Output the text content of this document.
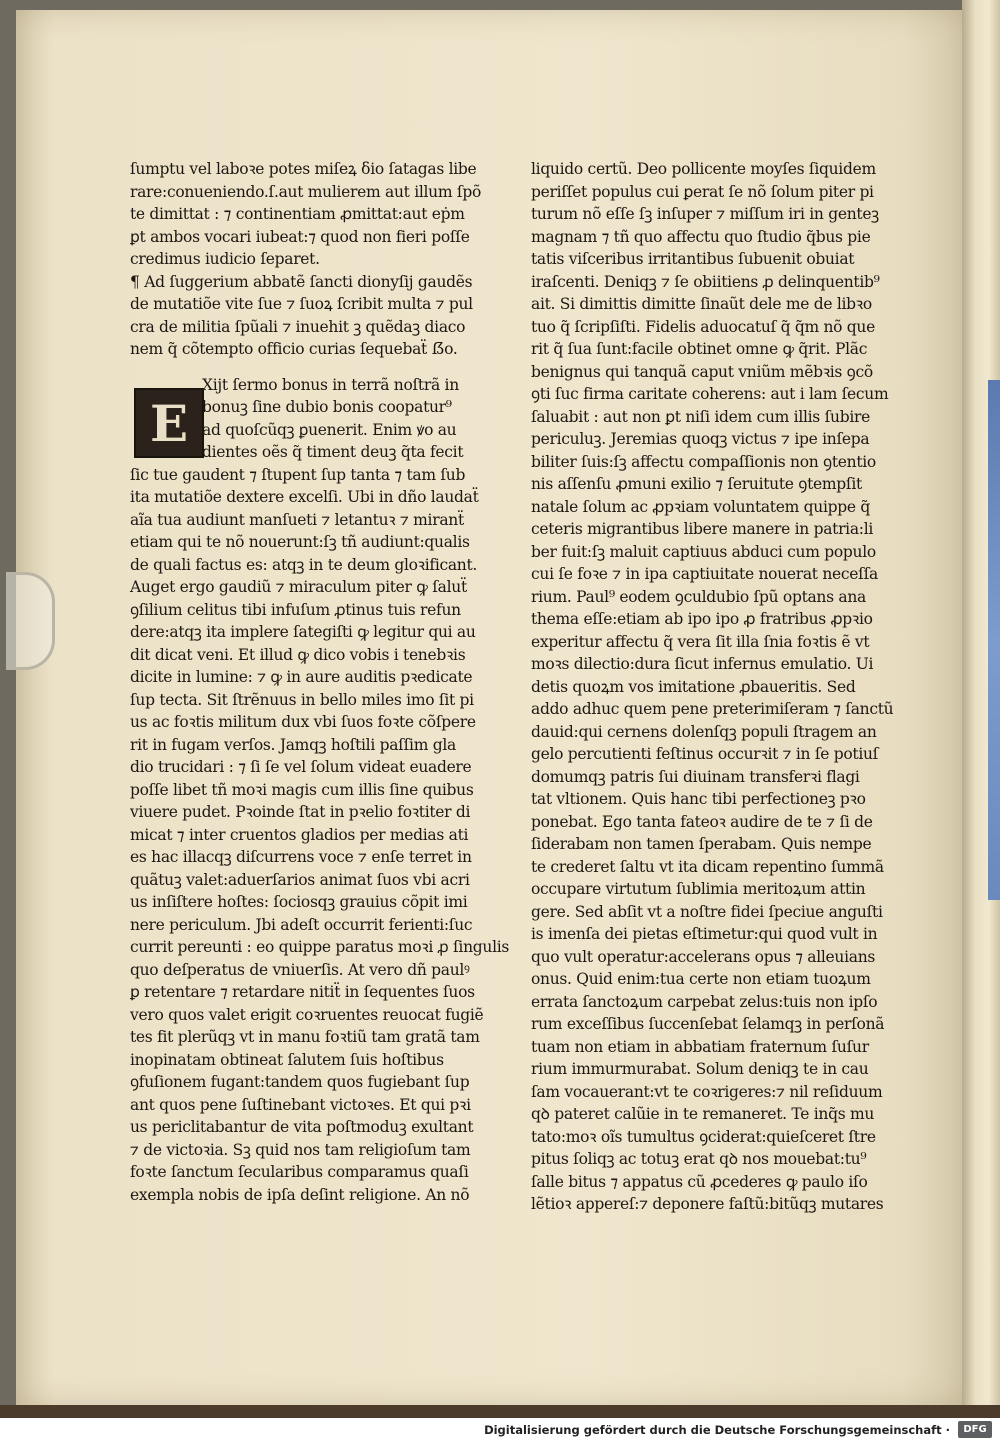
E
ſumptu vel laboꝛe potes miſeꝝ ẟio ſatagas libe
rare:conueniendo.ſ.aut mulierem aut illum ſpõ
te dimittat : ⁊ continentiam ꝓmittat:aut eṗm
ꝑt ambos vocari iubeat:⁊ quod non fieri poſſe
credimus iudicio ſeparet.
¶ Ad ſuggerium abbatẽ ſancti dionyſij gaudẽs
de mutatiõe vite ſue ⁊ ſuoꝝ ſcribit multa ⁊ pul
cra de militia ſpũali ⁊ inuehit ꝫ quẽdaꝫ diaco
nem q̃ cõtempto officio curias ſequebaẗ ẞo.
Xijt ſermo bonus in terrã noſtrã in
bonuꝫ ſine dubio bonis coopatur⁹
ad quoſcũqꝫ ꝑuenerit. Enim ꝟo au
dientes oẽs q̃ timent deuꝫ q̃ta fecit
ſic tue gaudent ⁊ ſtupent ſup tanta ⁊ tam ſub
ita mutatiõe dextere excelſi. Ubi in dño laudaẗ
aĩa tua audiunt manſueti ⁊ letantuꝛ ⁊ miranẗ
etiam qui te nõ nouerunt:ſꝫ tñ audiunt:qualis
de quali factus es: atqꝫ in te deum gloꝛificant.
Auget ergo gaudiũ ⁊ miraculum piter ꝙ ſaluẗ
ꝯſilium celitus tibi infuſum ꝓtinus tuis refun
dere:atqꝫ ita implere ſategiſti ꝙ legitur qui au
dit dicat veni. Et illud ꝙ dico vobis i tenebꝛis
dicite in lumine: ⁊ ꝙ in aure auditis pꝛedicate
ſup tecta. Sit ſtrẽnuus in bello miles imo ſit pi
us ac foꝛtis militum dux vbi ſuos foꝛte cõſpere
rit in fugam verſos. Jamqꝫ hoſtili paſſim gla
dio trucidari : ⁊ ſi ſe vel ſolum videat euadere
poſſe libet tñ moꝛi magis cum illis ſine quibus
viuere pudet. Pꝛoinde ſtat in pꝛelio foꝛtiter di
micat ⁊ inter cruentos gladios per medias ati
es hac illacqꝫ diſcurrens voce ⁊ enſe terret in
quãtuꝫ valet:aduerſarios animat ſuos vbi acri
us inſiſtere hoſtes: ſociosqꝫ grauius cõpit imi
nere periculum. Jbi adeſt occurrit ferienti:ſuc
currit pereunti : eo quippe paratus moꝛi ꝓ ſingulis
quo deſperatus de vniuerſis. At vero dñ paulꝰ
ꝑ retentare ⁊ retardare nitiẗ in ſequentes ſuos
vero quos valet erigit coꝛruentes reuocat fugiẽ
tes fit plerũqꝫ vt in manu foꝛtiũ tam gratã tam
inopinatam obtineat ſalutem ſuis hoſtibus
ꝯfuſionem fugant:tandem quos fugiebant ſup
ant quos pene ſuſtinebant victoꝛes. Et qui pꝛi
us periclitabantur de vita poſtmoduꝫ exultant
⁊ de victoꝛia. Sꝫ quid nos tam religioſum tam
foꝛte ſanctum ſecularibus comparamus quaſi
exempla nobis de ipſa deſint religione. An nõ
liquido certũ. Deo pollicente moyſes ſiquidem
periſſet populus cui ꝑerat ſe nõ ſolum piter pi
turum nõ eſſe ſꝫ inſuper ⁊ miſſum iri in genteꝫ
magnam ⁊ tñ quo affectu quo ſtudio q̃bus pie
tatis viſceribus irritantibus ſubuenit obuiat
iraſcenti. Deniqꝫ ⁊ ſe obiitiens ꝓ delinquentib⁹
ait. Si dimittis dimitte ſinaũt dele me de libꝛo
tuo q̃ ſcripſiſti. Fidelis aduocatuſ q̃ q̃m nõ que
rit q̃ ſua ſunt:facile obtinet omne ꝙ q̃rit. Plãc
benignus qui tanquã caput vniũm mẽbꝛis ꝯcõ
ꝯti ſuc firma caritate coherens: aut i lam ſecum
ſaluabit : aut non ꝑt niſi idem cum illis ſubire
periculuꝫ. Jeremias quoqꝫ victus ⁊ ipe inſepa
biliter ſuis:ſꝫ affectu compaſſionis non ꝯtentio
nis aſſenſu ꝓmuni exilio ⁊ ſeruitute ꝯtempſit
natale ſolum ac ꝓpꝛiam voluntatem quippe q̃
ceteris migrantibus libere manere in patria:li
ber fuit:ſꝫ maluit captiuus abduci cum populo
cui ſe foꝛe ⁊ in ipa captiuitate nouerat neceſſa
rium. Paul⁹ eodem ꝯculdubio ſpũ optans ana
thema eſſe:etiam ab ipo ipo ꝓ fratribus ꝓpꝛio
experitur affectu q̃ vera ſit illa ſnia foꝛtis ẽ vt
moꝛs dilectio:dura ſicut infernus emulatio. Ui
detis quoꝝm vos imitatione ꝓbaueritis. Sed
addo adhuc quem pene preterimiſeram ⁊ ſanctũ
dauid:qui cernens dolenſqꝫ populi ſtragem an
gelo percutienti feſtinus occurꝛit ⁊ in ſe potiuſ
domumqꝫ patris ſui diuinam transferꝛi flagi
tat vltionem. Quis hanc tibi perfectioneꝫ pꝛo
ponebat. Ego tanta fateoꝛ audire de te ⁊ ſi de
ſiderabam non tamen ſperabam. Quis nempe
te crederet ſaltu vt ita dicam repentino ſummã
occupare virtutum ſublimia meritoꝝum attin
gere. Sed abſit vt a noſtre fidei ſpeciue anguſti
is imenſa dei pietas eſtimetur:qui quod vult in
quo vult operatur:accelerans opus ⁊ alleuians
onus. Quid enim:tua certe non etiam tuoꝝum
errata ſanctoꝝum carpebat zelus:tuis non ipſo
rum exceſſibus ſuccenſebat ſelamqꝫ in perſonã
tuam non etiam in abbatiam fraternum ſuſur
rium immurmurabat. Solum deniqꝫ te in cau
ſam vocauerant:vt te coꝛrigeres:⁊ nil reſiduum
qꝺ pateret calũie in te remaneret. Te inq̃s mu
tato:moꝛ oĩs tumultus ꝯciderat:quieſceret ſtre
pitus ſoliqꝫ ac totuꝫ erat qꝺ nos mouebat:tu⁹
ſalle bitus ⁊ appatus cũ ꝓcederes ꝙ paulo iſo
lẽtioꝛ appereſ:⁊ deponere faſtũ:bitũqꝫ mutares
Digitalisierung gefördert durch die Deutsche Forschungsgemeinschaft ·	DFG
